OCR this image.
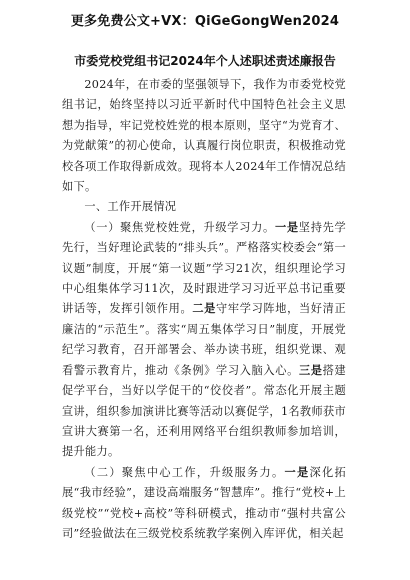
更多免费公文+VX：QiGeGongWen2024
市委党校党组书记2024年个人述职述责述廉报告

2024年，在市委的坚强领导下，我作为市委党校党组书记，始终坚持以习近平新时代中国特色社会主义思想为指导，牢记党校姓党的根本原则，坚守“为党育才、为党献策”的初心使命，认真履行岗位职责，积极推动党校各项工作取得新成效。现将本人2024年工作情况总结如下。

一、工作开展情况

（一）聚焦党校姓党，升级学习力。一是坚持先学先行，当好理论武装的“排头兵”。严格落实校委会“第一议题”制度，开展“第一议题”学习21次，组织理论学习中心组集体学习11次，及时跟进学习习近平总书记重要讲话等，发挥引领作用。二是守牢学习阵地，当好清正廉洁的“示范生”。落实“周五集体学习日”制度，开展党纪学习教育，召开部署会、举办读书班，组织党课、观看警示教育片，推动《条例》学习入脑入心。三是搭建促学平台，当好以学促干的“佼佼者”。常态化开展主题宣讲，组织参加演讲比赛等活动以赛促学，1名教师获市宣讲大赛第一名，还利用网络平台组织教师参加培训，提升能力。

（二）聚焦中心工作，升级服务力。一是深化拓展“我市经验”，建设高端服务“智慧库”。推行“党校+上级党校”“党校+高校”等科研模式，推动市“强村共富公司”经验做法在三级党校系统教学案例入库评优，相关起
